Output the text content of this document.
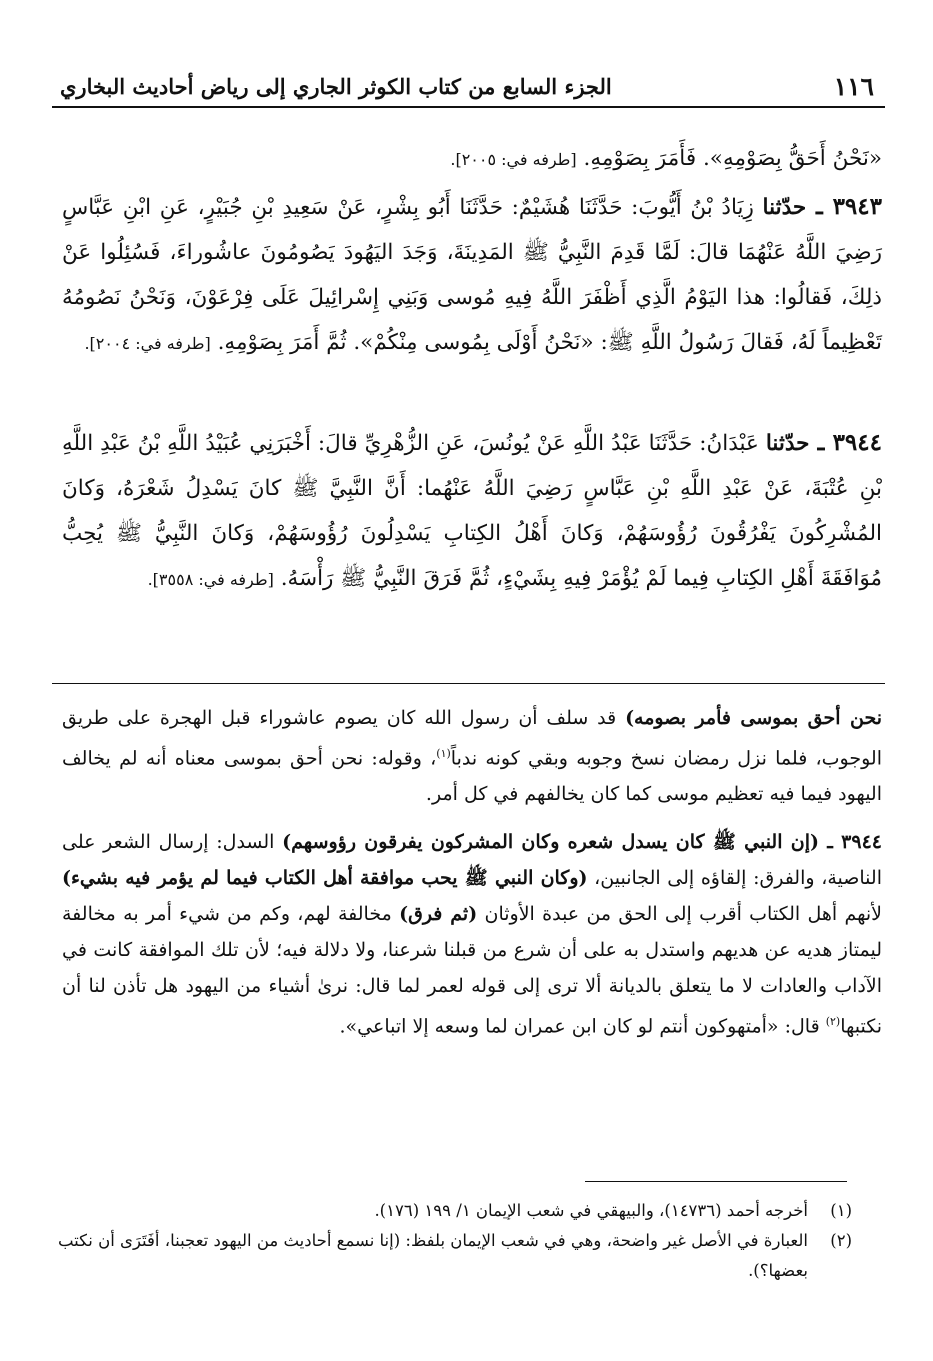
١١٦
الجزء السابع من كتاب الكوثر الجاري إلى رياض أحاديث البخاري

«نَحْنُ أَحَقُّ بِصَوْمِهِ». فَأَمَرَ بِصَوْمِهِ. [طرفه في: ٢٠٠٥].

٣٩٤٣ ـ حدّثنا زِيَادُ بْنُ أَيُّوبَ: حَدَّثَنَا هُشَيْمٌ: حَدَّثَنَا أَبُو بِشْرٍ، عَنْ سَعِيدِ بْنِ جُبَيْرٍ، عَنِ ابْنِ عَبَّاسٍ رَضِيَ اللَّهُ عَنْهُمَا قالَ: لَمَّا قَدِمَ النَّبِيُّ ﷺ المَدِينَةَ، وَجَدَ اليَهُودَ يَصُومُونَ عاشُوراءَ، فَسُئِلُوا عَنْ ذلِكَ، فَقالُوا: هذا اليَوْمُ الَّذِي أَظْفَرَ اللَّهُ فِيهِ مُوسى وَبَنِي إِسْرائِيلَ عَلَى فِرْعَوْنَ، وَنَحْنُ نَصُومُهُ تَعْظِيماً لَهُ، فَقالَ رَسُولُ اللَّهِ ﷺ: «نَحْنُ أَوْلَى بِمُوسى مِنْكُمْ». ثُمَّ أَمَرَ بِصَوْمِهِ. [طرفه في: ٢٠٠٤].

٣٩٤٤ ـ حدّثنا عَبْدَانُ: حَدَّثَنَا عَبْدُ اللَّهِ عَنْ يُونُسَ، عَنِ الزُّهْرِيِّ قالَ: أَخْبَرَنِي عُبَيْدُ اللَّهِ بْنُ عَبْدِ اللَّهِ بْنِ عُتْبَةَ، عَنْ عَبْدِ اللَّهِ بْنِ عَبَّاسٍ رَضِيَ اللَّهُ عَنْهُما: أَنَّ النَّبِيَّ ﷺ كانَ يَسْدِلُ شَعْرَهُ، وَكانَ المُشْرِكُونَ يَفْرُقُونَ رُؤُوسَهُمْ، وَكانَ أَهْلُ الكِتابِ يَسْدِلُونَ رُؤُوسَهُمْ، وَكانَ النَّبِيُّ ﷺ يُحِبُّ مُوَافَقَةَ أَهْلِ الكِتابِ فِيما لَمْ يُؤْمَرْ فِيهِ بِشَيْءٍ، ثُمَّ فَرَقَ النَّبِيُّ ﷺ رَأْسَهُ. [طرفه في: ٣٥٥٨].

نحن أحق بموسى فأمر بصومه) قد سلف أن رسول الله كان يصوم عاشوراء قبل الهجرة على طريق الوجوب، فلما نزل رمضان نسخ وجوبه وبقي كونه ندباً$^{(١)}$، وقوله: نحن أحق بموسى معناه أنه لم يخالف اليهود فيما فيه تعظيم موسى كما كان يخالفهم في كل أمر.

٣٩٤٤ ـ (إن النبي ﷺ كان يسدل شعره وكان المشركون يفرقون رؤوسهم) السدل: إرسال الشعر على الناصية، والفرق: إلقاؤه إلى الجانبين، (وكان النبي ﷺ يحب موافقة أهل الكتاب فيما لم يؤمر فيه بشيء) لأنهم أهل الكتاب أقرب إلى الحق من عبدة الأوثان (ثم فرق) مخالفة لهم، وكم من شيء أمر به مخالفة ليمتاز هديه عن هديهم واستدل به على أن شرع من قبلنا شرعنا، ولا دلالة فيه؛ لأن تلك الموافقة كانت في الآداب والعادات لا ما يتعلق بالديانة ألا ترى إلى قوله لعمر لما قال: نرىٰ أشياء من اليهود هل تأذن لنا أن نكتبها$^{(٢)}$ قال: «أمتهوكون أنتم لو كان ابن عمران لما وسعه إلا اتباعي».

(١)
أخرجه أحمد (١٤٧٣٦)، والبيهقي في شعب الإيمان ١/ ١٩٩ (١٧٦).
(٢)
العبارة في الأصل غير واضحة، وهي في شعب الإيمان بلفظ: (إنا نسمع أحاديث من اليهود تعجبنا، أفَتَرَى أن نكتب بعضها؟).
